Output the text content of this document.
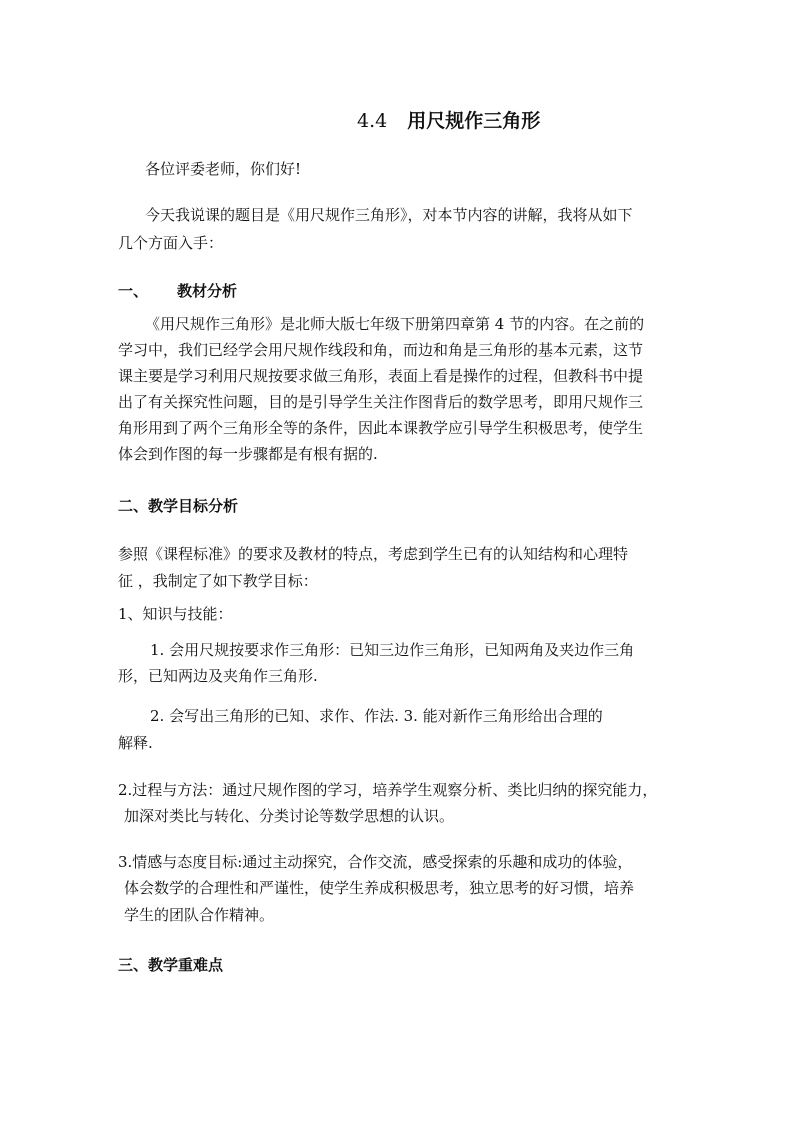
4.4 用尺规作三角形
各位评委老师，你们好!
今天我说课的题目是《用尺规作三角形》，对本节内容的讲解，我将从如下
几个方面入手：
一、 教材分析
《用尺规作三角形》是北师大版七年级下册第四章第 4 节的内容。在之前的
学习中，我们已经学会用尺规作线段和角，而边和角是三角形的基本元素，这节
课主要是学习利用尺规按要求做三角形，表面上看是操作的过程，但教科书中提
出了有关探究性问题，目的是引导学生关注作图背后的数学思考，即用尺规作三
角形用到了两个三角形全等的条件，因此本课教学应引导学生积极思考，使学生
体会到作图的每一步骤都是有根有据的.
二、教学目标分析
参照《课程标准》的要求及教材的特点，考虑到学生已有的认知结构和心理特
征 ，我制定了如下教学目标：
1、知识与技能：
1. 会用尺规按要求作三角形：已知三边作三角形，已知两角及夹边作三角
形，已知两边及夹角作三角形.
2. 会写出三角形的已知、求作、作法. 3. 能对新作三角形给出合理的
解释.
2.过程与方法：通过尺规作图的学习，培养学生观察分析、类比归纳的探究能力，
加深对类比与转化、分类讨论等数学思想的认识。
3.情感与态度目标:通过主动探究，合作交流，感受探索的乐趣和成功的体验，
体会数学的合理性和严谨性，使学生养成积极思考，独立思考的好习惯，培养
学生的团队合作精神。
三、教学重难点
